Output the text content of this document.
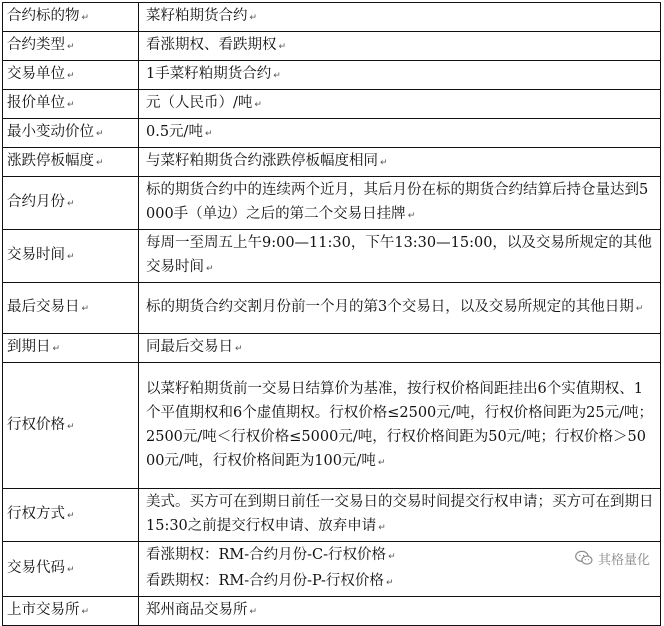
合约标的物 ↵	菜籽粕期货合约 ↵
合约类型 ↵	看涨期权、看跌期权 ↵
交易单位 ↵	1手菜籽粕期货合约 ↵
报价单位 ↵	元（人民币）/吨 ↵
最小变动价位 ↵	0.5元/吨 ↵
涨跌停板幅度 ↵	与菜籽粕期货合约涨跌停板幅度相同 ↵
合约月份 ↵	标的期货合约中的连续两个近月，其后月份在标的期货合约结算后持仓量达到5000手（单边）之后的第二个交易日挂牌 ↵
交易时间 ↵	每周一至周五上午9:00—11:30，下午13:30—15:00，以及交易所规定的其他交易时间 ↵
最后交易日 ↵	标的期货合约交割月份前一个月的第3个交易日，以及交易所规定的其他日期 ↵
到期日 ↵	同最后交易日 ↵
行权价格 ↵	以菜籽粕期货前一交易日结算价为基准，按行权价格间距挂出6个实值期权、1个平值期权和6个虚值期权。行权价格≤2500元/吨，行权价格间距为25元/吨；2500元/吨＜行权价格≤5000元/吨，行权价格间距为50元/吨；行权价格＞5000元/吨，行权价格间距为100元/吨 ↵
行权方式 ↵	美式。买方可在到期日前任一交易日的交易时间提交行权申请；买方可在到期日15:30之前提交行权申请、放弃申请 ↵
交易代码 ↵	看涨期权：RM-合约月份-C-行权价格 ↵
看跌期权：RM-合约月份-P-行权价格 ↵

上市交易所 ↵	郑州商品交易所 ↵
其格量化
